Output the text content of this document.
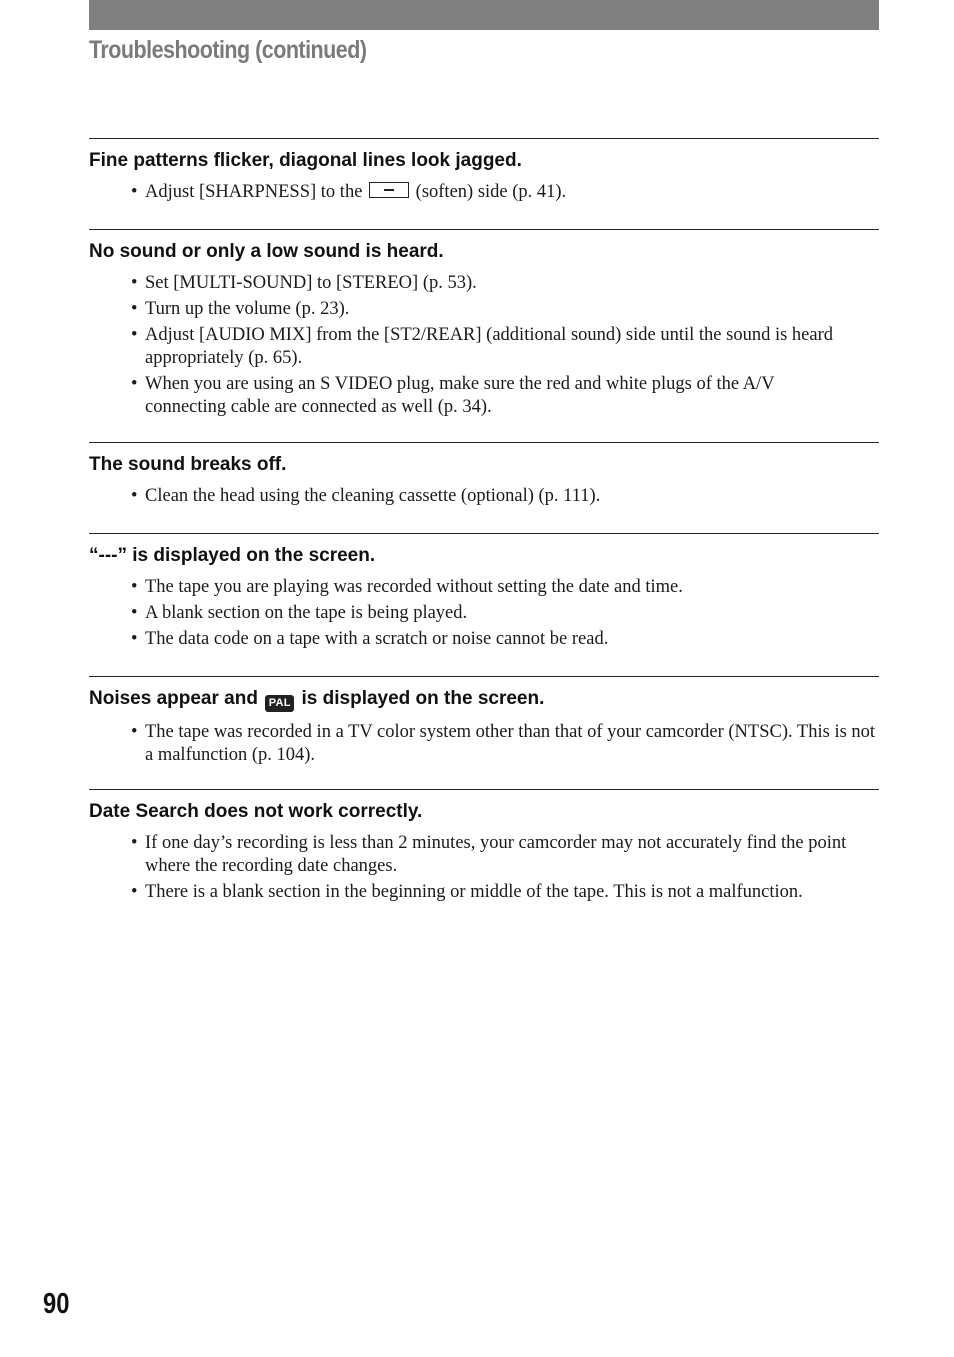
Troubleshooting (continued)
Fine patterns flicker, diagonal lines look jagged.
• Adjust [SHARPNESS] to the	(soften) side (p. 41).
No sound or only a low sound is heard.
• Set [MULTI-SOUND] to [STEREO] (p. 53).
• Turn up the volume (p. 23).
• Adjust [AUDIO MIX] from the [ST2/REAR] (additional sound) side until the sound is heard appropriately (p. 65).
• When you are using an S VIDEO plug, make sure the red and white plugs of the A/V connecting cable are connected as well (p. 34).
The sound breaks off.
• Clean the head using the cleaning cassette (optional) (p. 111).
“---” is displayed on the screen.
• The tape you are playing was recorded without setting the date and time.
• A blank section on the tape is being played.
• The data code on a tape with a scratch or noise cannot be read.
Noises appear and PAL is displayed on the screen.
• The tape was recorded in a TV color system other than that of your camcorder (NTSC). This is not a malfunction (p. 104).
Date Search does not work correctly.
• If one day’s recording is less than 2 minutes, your camcorder may not accurately find the point where the recording date changes.
• There is a blank section in the beginning or middle of the tape. This is not a malfunction.
90
